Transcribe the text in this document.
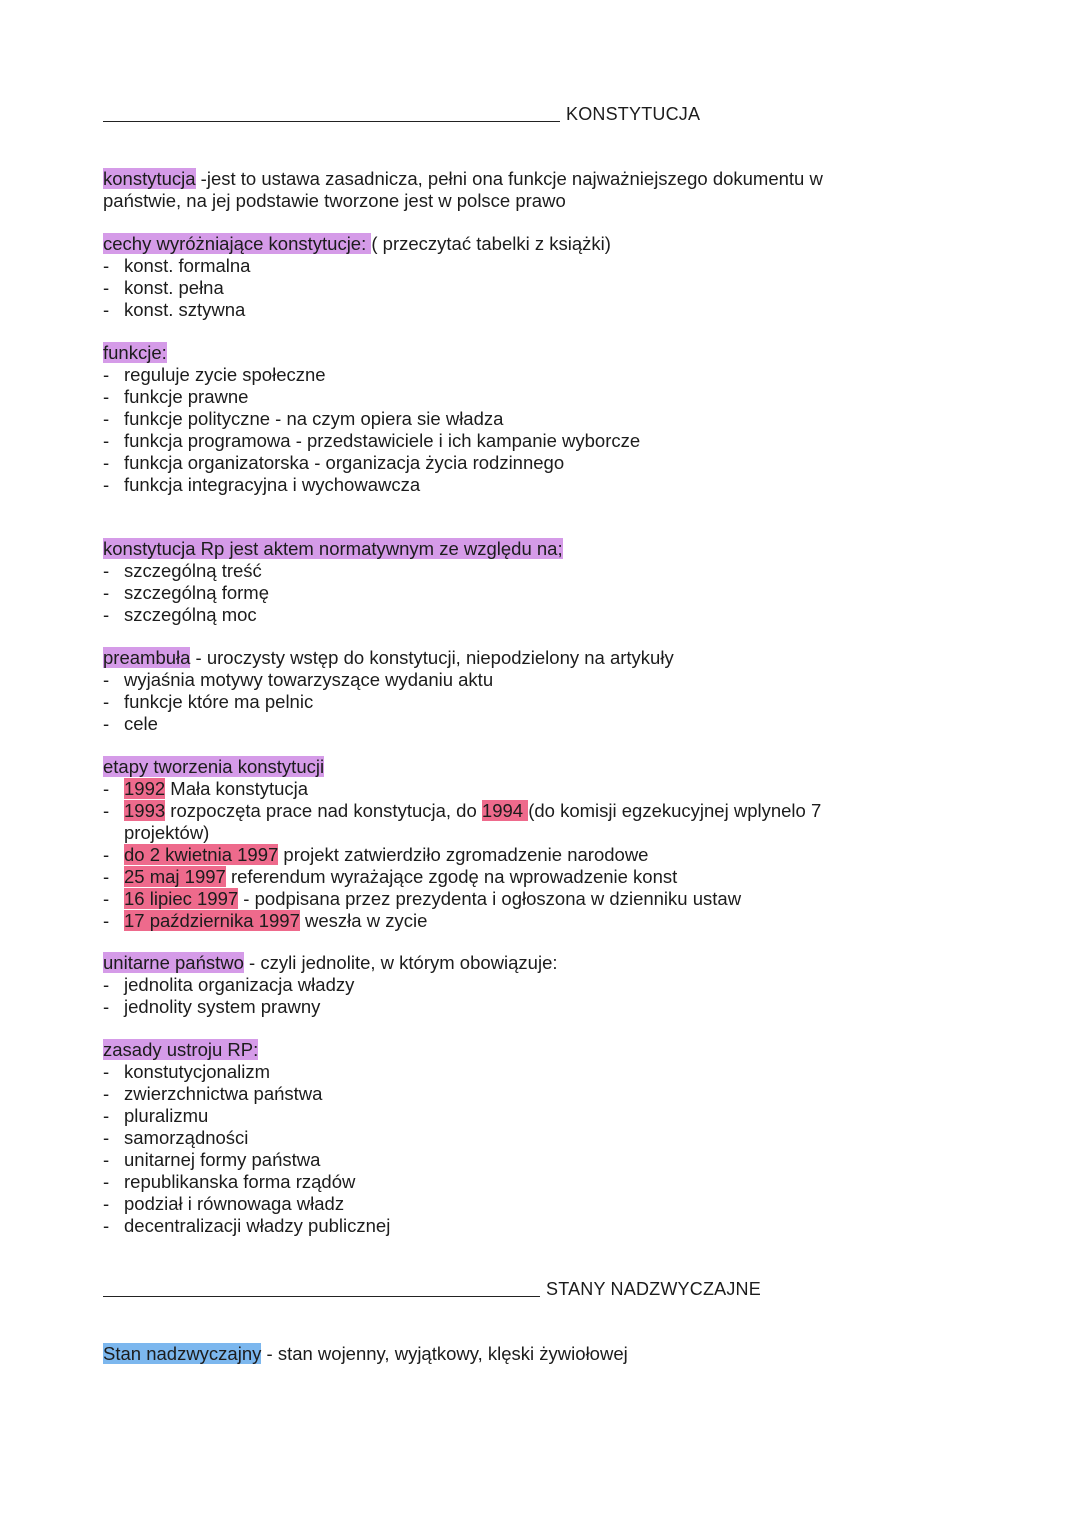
KONSTYTUCJA
konstytucja -jest to ustawa zasadnicza, pełni ona funkcje najważniejszego dokumentu w
państwie, na jej podstawie tworzone jest w polsce prawo
cechy wyróżniające konstytucje: ( przeczytać tabelki z książki)
- konst. formalna
- konst. pełna
- konst. sztywna
funkcje:
- reguluje zycie społeczne
- funkcje prawne
- funkcje polityczne - na czym opiera sie władza
- funkcja programowa - przedstawiciele i ich kampanie wyborcze
- funkcja organizatorska - organizacja życia rodzinnego
- funkcja integracyjna i wychowawcza
konstytucja Rp jest aktem normatywnym ze względu na;
- szczególną treść
- szczególną formę
- szczególną moc
preambuła - uroczysty wstęp do konstytucji, niepodzielony na artykuły
- wyjaśnia motywy towarzyszące wydaniu aktu
- funkcje które ma pelnic
- cele
etapy tworzenia konstytucji
- 1992 Mała konstytucja
- 1993 rozpoczęta prace nad konstytucja, do 1994 (do komisji egzekucyjnej wplynelo 7
projektów)
- do 2 kwietnia 1997 projekt zatwierdziło zgromadzenie narodowe
- 25 maj 1997 referendum wyrażające zgodę na wprowadzenie konst
- 16 lipiec 1997 - podpisana przez prezydenta i ogłoszona w dzienniku ustaw
- 17 października 1997 weszła w zycie
unitarne państwo - czyli jednolite, w którym obowiązuje:
- jednolita organizacja władzy
- jednolity system prawny
zasady ustroju RP:
- konstutycjonalizm
- zwierzchnictwa państwa
- pluralizmu
- samorządności
- unitarnej formy państwa
- republikanska forma rządów
- podział i równowaga władz
- decentralizacji władzy publicznej
STANY NADZWYCZAJNE
Stan nadzwyczajny - stan wojenny, wyjątkowy, klęski żywiołowej
